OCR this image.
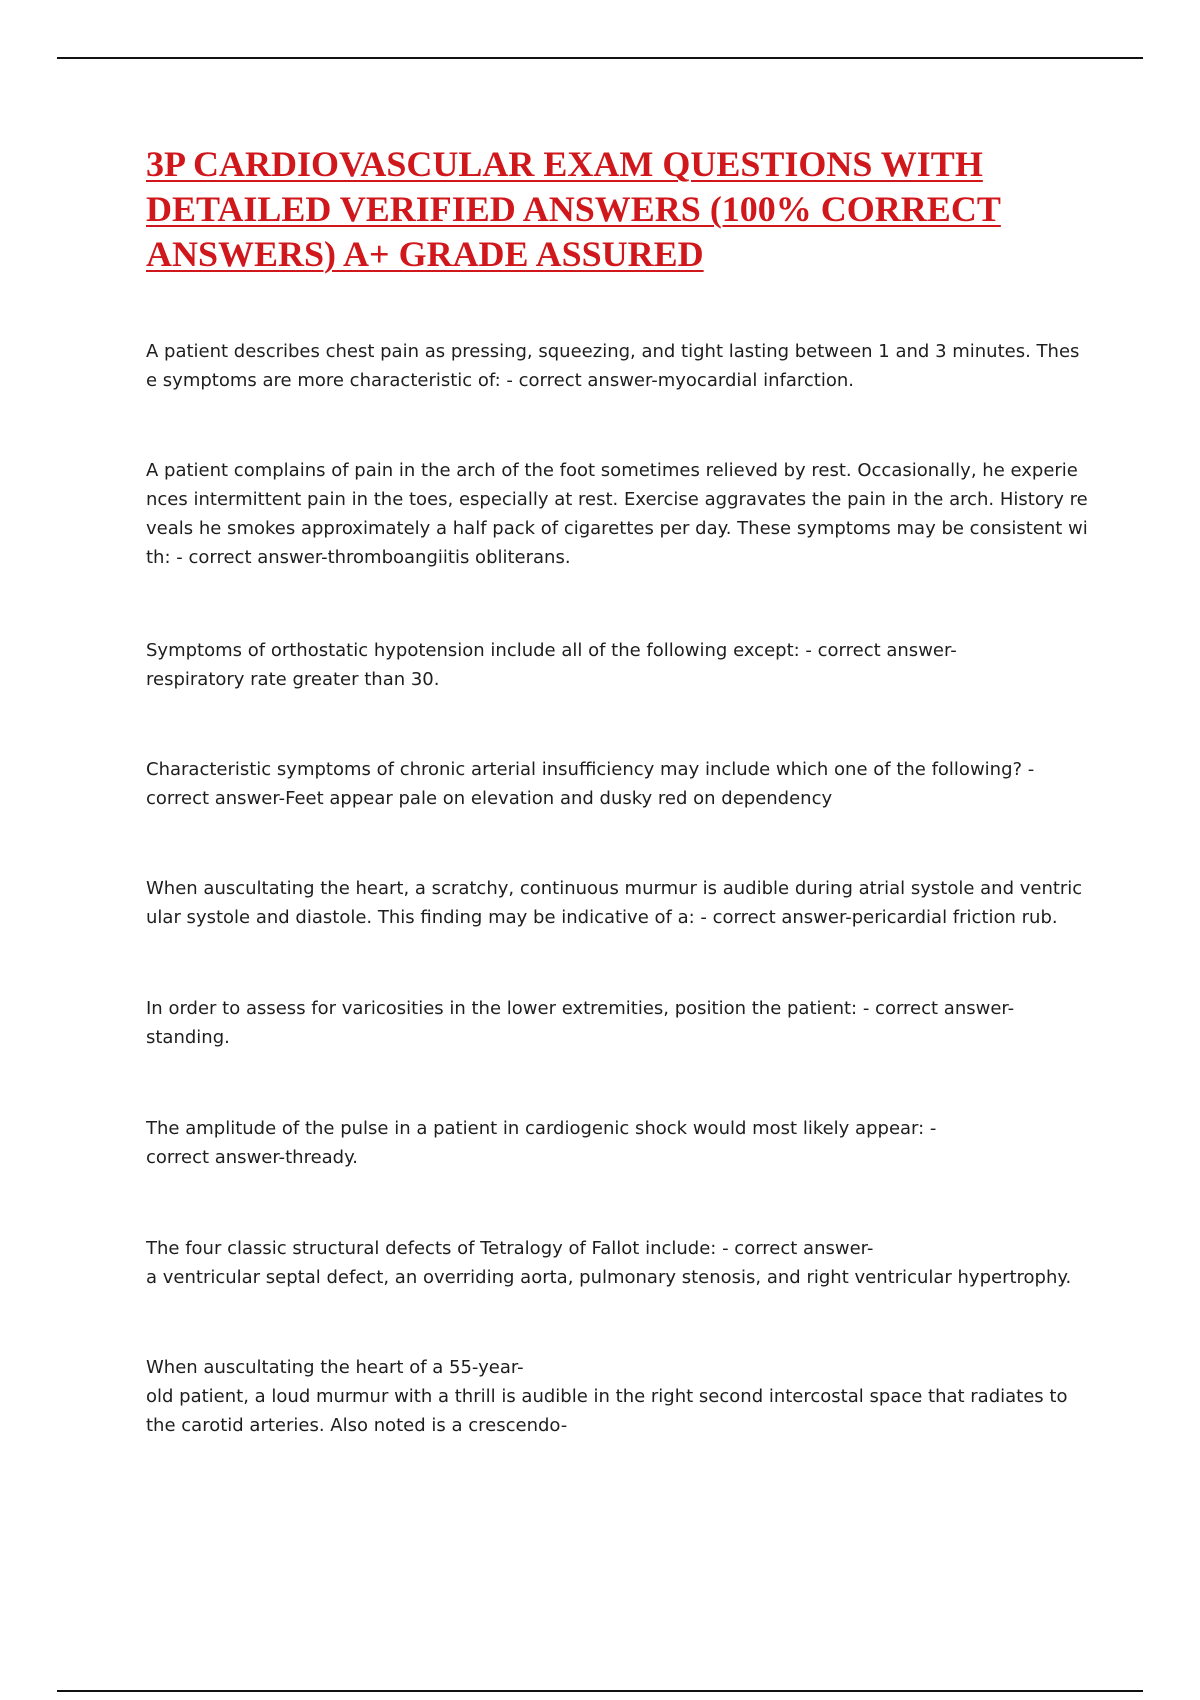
3P CARDIOVASCULAR EXAM QUESTIONS WITH
DETAILED VERIFIED ANSWERS (100% CORRECT
ANSWERS) A+ GRADE ASSURED

A patient describes chest pain as pressing, squeezing, and tight lasting between 1 and 3 minutes. Thes
e symptoms are more characteristic of: - correct answer-myocardial infarction.

A patient complains of pain in the arch of the foot sometimes relieved by rest. Occasionally, he experie
nces intermittent pain in the toes, especially at rest. Exercise aggravates the pain in the arch. History re
veals he smokes approximately a half pack of cigarettes per day. These symptoms may be consistent wi
th: - correct answer-thromboangiitis obliterans.

Symptoms of orthostatic hypotension include all of the following except: - correct answer-
respiratory rate greater than 30.

Characteristic symptoms of chronic arterial insufficiency may include which one of the following? -
correct answer-Feet appear pale on elevation and dusky red on dependency

When auscultating the heart, a scratchy, continuous murmur is audible during atrial systole and ventric
ular systole and diastole. This finding may be indicative of a: - correct answer-pericardial friction rub.

In order to assess for varicosities in the lower extremities, position the patient: - correct answer-
standing.

The amplitude of the pulse in a patient in cardiogenic shock would most likely appear: -
correct answer-thready.

The four classic structural defects of Tetralogy of Fallot include: - correct answer-
a ventricular septal defect, an overriding aorta, pulmonary stenosis, and right ventricular hypertrophy.

When auscultating the heart of a 55-year-
old patient, a loud murmur with a thrill is audible in the right second intercostal space that radiates to
the carotid arteries. Also noted is a crescendo-
